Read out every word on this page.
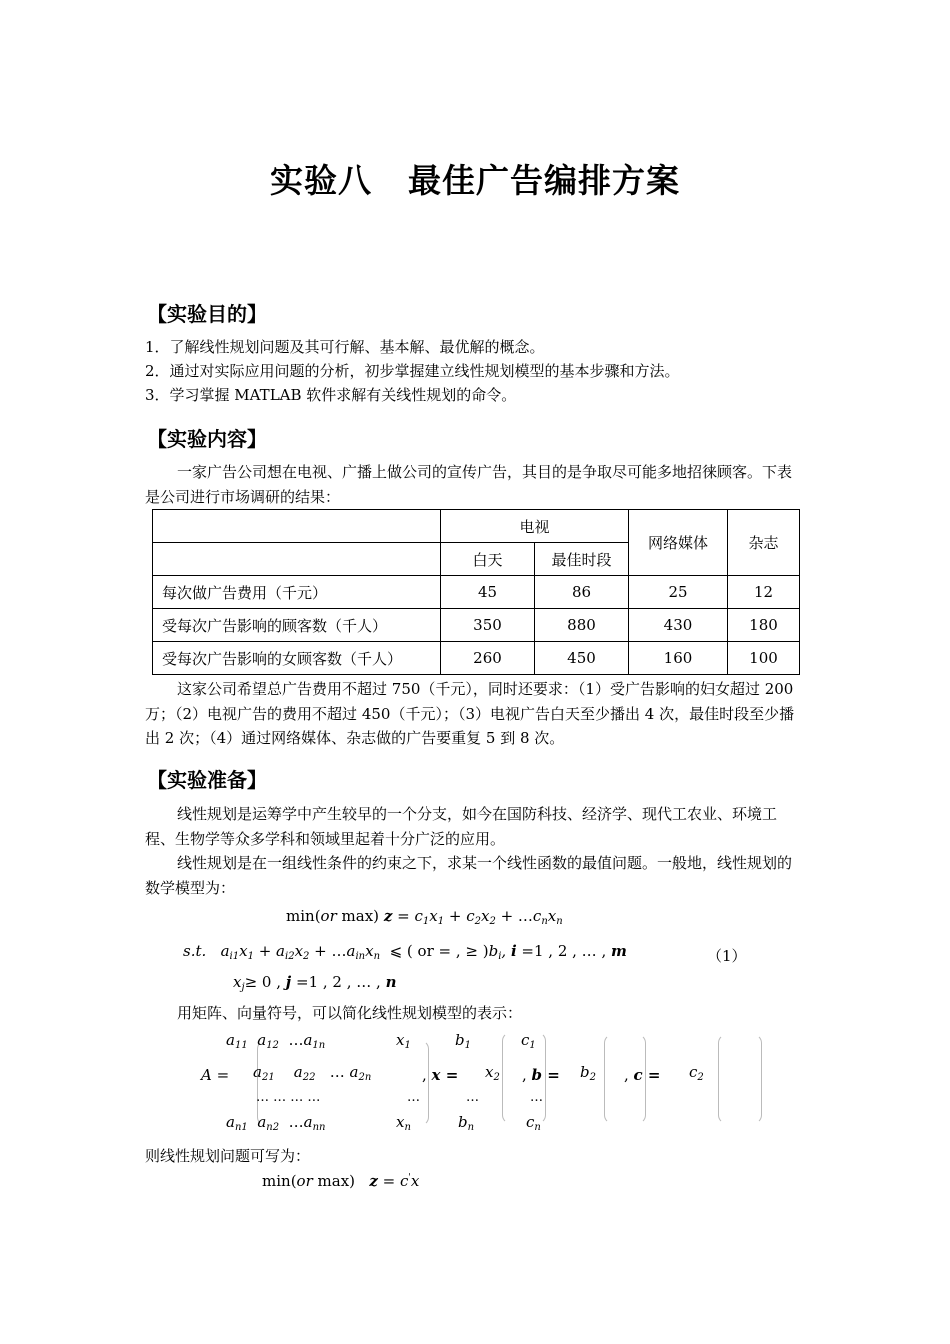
实验八 最佳广告编排方案
【实验目的】
1．了解线性规划问题及其可行解、基本解、最优解的概念。
2．通过对实际应用问题的分析，初步掌握建立线性规划模型的基本步骤和方法。
3．学习掌握 MATLAB 软件求解有关线性规划的命令。
【实验内容】
一家广告公司想在电视、广播上做公司的宣传广告，其目的是争取尽可能多地招徕顾客。下表是公司进行市场调研的结果：
	电视		网络媒体	杂志
	白天	最佳时段		
每次做广告费用（千元）	45	86	25	12
受每次广告影响的顾客数（千人）	350	880	430	180
受每次广告影响的女顾客数（千人）	260	450	160	100
这家公司希望总广告费用不超过 750（千元），同时还要求：（1）受广告影响的妇女超过 200 万；（2）电视广告的费用不超过 450（千元）；（3）电视广告白天至少播出 4 次，最佳时段至少播出 2 次；（4）通过网络媒体、杂志做的广告要重复 5 到 8 次。
【实验准备】
线性规划是运筹学中产生较早的一个分支，如今在国防科技、经济学、现代工农业、环境工程、生物学等众多学科和领域里起着十分广泛的应用。
线性规划是在一组线性条件的约束之下，求某一个线性函数的最值问题。一般地，线性规划的数学模型为：
min(or max) $z = c_1x_1 + c_2x_2$ + $\dots c_nx_n$
s.t. $a_{i1}x_1 + a_{i2}x_2$ + $\dots a_{in}x_n$ ⩽ ( or = , ≥ )$b_i$, i =1 , 2 , … , m	（1）
$x_j\ge 0$ , j =1 , 2 , … , n
用矩阵、向量符号，可以简化线性规划模型的表示：
A =
$a_{11}$ $a_{12}$ $\dots a_{1n}$
$a_{21}$ $a_{22}$ … $a_{2n}$
… … … …
$a_{n1}$ $a_{n2}$ $\dots a_{nn}$
, x =
$x_1$
$x_2$
…
$x_n$
, b =
$b_1$
$b_2$
…
$b_n$
, c =
$c_1$
$c_2$
…
$c_n$
则线性规划问题可写为：
min(or max) z = c'x
